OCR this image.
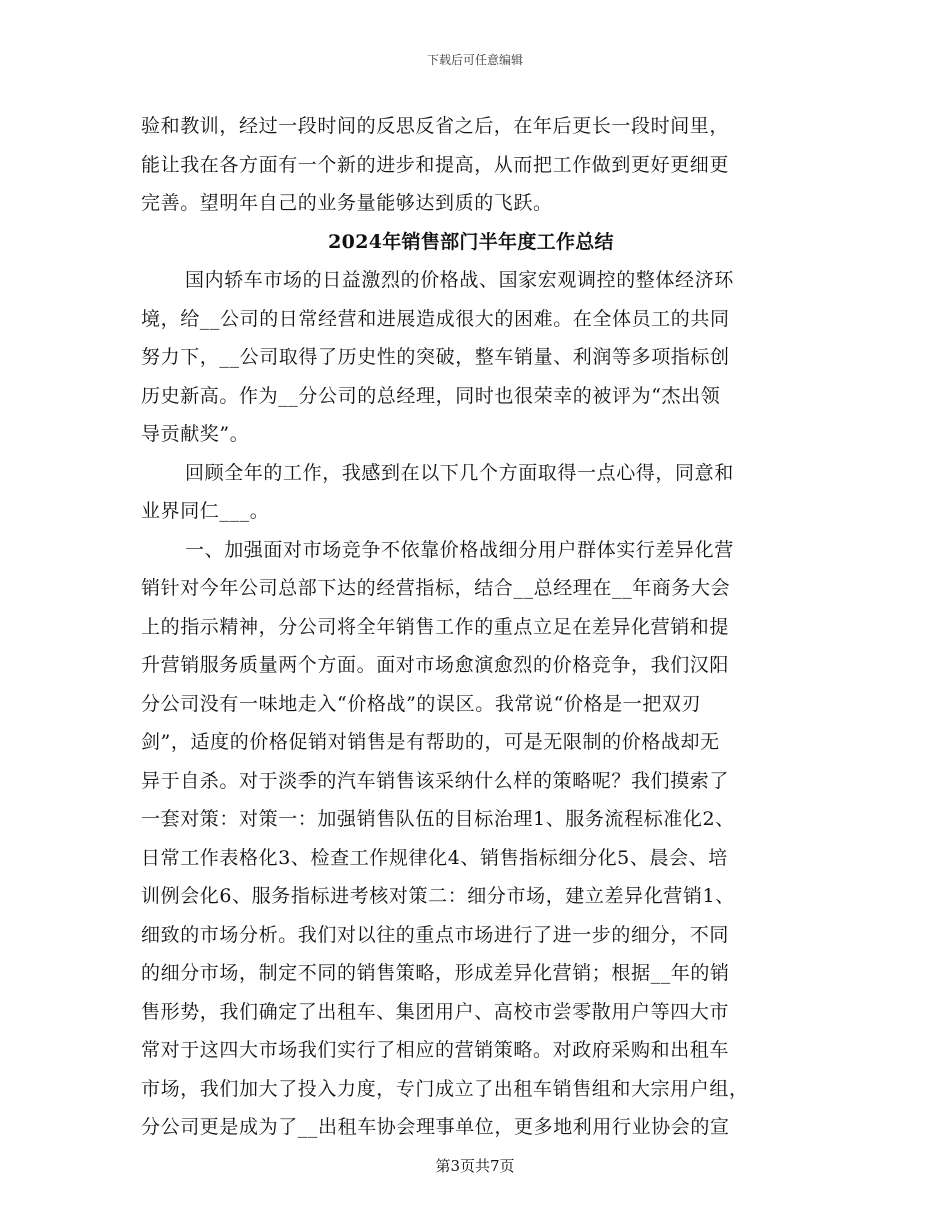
下载后可任意编辑
验和教训，经过一段时间的反思反省之后，在年后更长一段时间里，
能让我在各方面有一个新的进步和提高，从而把工作做到更好更细更
完善。望明年自己的业务量能够达到质的飞跃。
2024年销售部门半年度工作总结
国内轿车市场的日益激烈的价格战、国家宏观调控的整体经济环
境，给__公司的日常经营和进展造成很大的困难。在全体员工的共同
努力下，__公司取得了历史性的突破，整车销量、利润等多项指标创
历史新高。作为__分公司的总经理，同时也很荣幸的被评为“杰出领
导贡献奖”。
回顾全年的工作，我感到在以下几个方面取得一点心得，同意和
业界同仁___。
一、加强面对市场竞争不依靠价格战细分用户群体实行差异化营
销针对今年公司总部下达的经营指标，结合__总经理在__年商务大会
上的指示精神，分公司将全年销售工作的重点立足在差异化营销和提
升营销服务质量两个方面。面对市场愈演愈烈的价格竞争，我们汉阳
分公司没有一味地走入“价格战”的误区。我常说“价格是一把双刃
剑”，适度的价格促销对销售是有帮助的，可是无限制的价格战却无
异于自杀。对于淡季的汽车销售该采纳什么样的策略呢？我们摸索了
一套对策：对策一：加强销售队伍的目标治理1、服务流程标准化2、
日常工作表格化3、检查工作规律化4、销售指标细分化5、晨会、培
训例会化6、服务指标进考核对策二：细分市场，建立差异化营销1、
细致的市场分析。我们对以往的重点市场进行了进一步的细分，不同
的细分市场，制定不同的销售策略，形成差异化营销；根据__年的销
售形势，我们确定了出租车、集团用户、高校市尝零散用户等四大市
常对于这四大市场我们实行了相应的营销策略。对政府采购和出租车
市场，我们加大了投入力度，专门成立了出租车销售组和大宗用户组，
分公司更是成为了__出租车协会理事单位，更多地利用行业协会的宣
第3页共7页
